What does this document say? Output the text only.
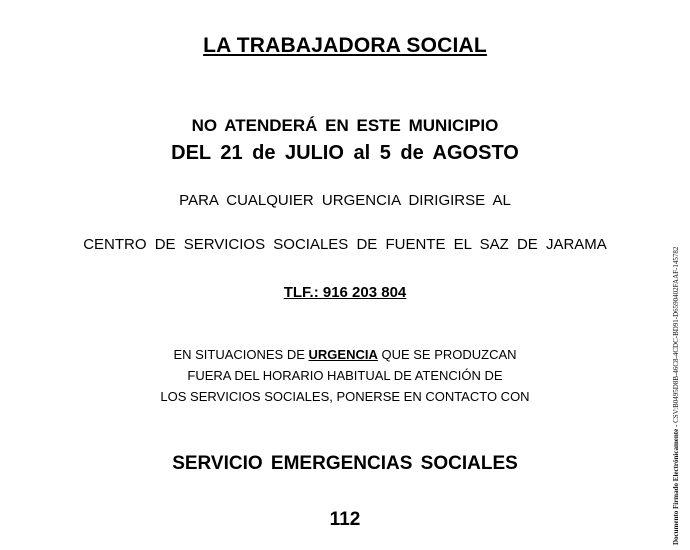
LA TRABAJADORA SOCIAL
NO ATENDERÁ EN ESTE MUNICIPIO
DEL 21 de JULIO al 5 de AGOSTO
PARA CUALQUIER URGENCIA DIRIGIRSE AL
CENTRO DE SERVICIOS SOCIALES DE FUENTE EL SAZ DE JARAMA
TLF.: 916 203 804
EN SITUACIONES DE URGENCIA QUE SE PRODUZCAN
FUERA DEL HORARIO HABITUAL DE ATENCIÓN DE
LOS SERVICIOS SOCIALES, PONERSE EN CONTACTO CON
SERVICIO EMERGENCIAS SOCIALES
112	Documento Firmado Electrónicamente - CSV:B0495D8B-46C8-4CDC-BD91-D6590402FAAF-145782
